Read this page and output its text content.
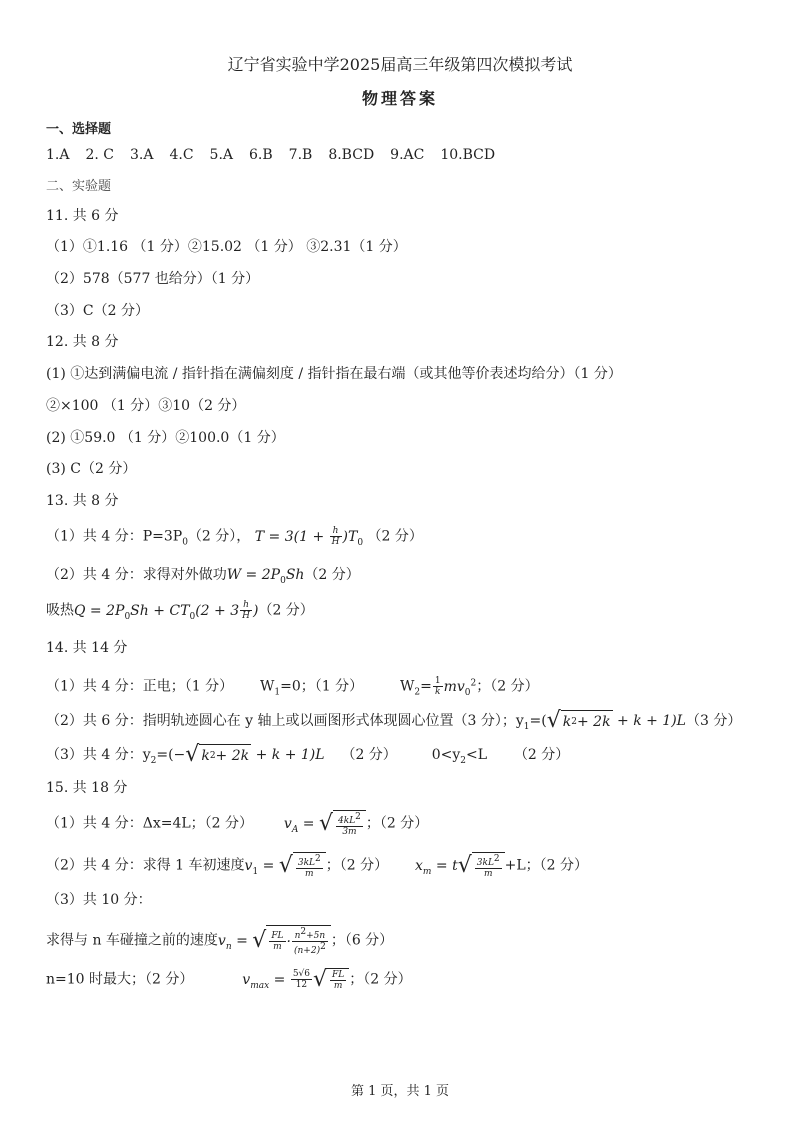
辽宁省实验中学2025届高三年级第四次模拟考试
物理答案
一、选择题
1.A 2. C 3.A 4.C 5.A 6.B 7.B 8.BCD 9.AC 10.BCD
二、实验题
11. 共 6 分
（1）①1.16 （1 分）②15.02 （1 分） ③2.31（1 分）
（2）578（577 也给分）（1 分）
（3）C（2 分）
12. 共 8 分
(1) ①达到满偏电流 / 指针指在满偏刻度 / 指针指在最右端（或其他等价表述均给分）（1 分）
②×100 （1 分）③10（2 分）
(2) ①59.0 （1 分）②100.0（1 分）
(3) C（2 分）
13. 共 8 分
（1）共 4 分：$P=3P_0(2$ 分）， $T = 3(1 + \frac{h}{H} )T_0$ （2 分）
（2）共 4 分：求得对外做功$W = 2P_0Sh(2$ 分）
吸热$Q = 2P_0Sh + CT_0(2 + 3 \frac{h}{H} )(2$ 分）
14. 共 14 分
（1）共 4 分：正电；（1 分） $W_1=0$；（1 分）	$W_2= \frac{1}{k} mv_0^2$；（2 分）
（2）共 6 分：指明轨迹圆心在 y 轴上或以画图形式体现圆心位置（3 分）；$y_1=$( √ k 2 + 2k + k + 1)L（3 分）
（3）共 4 分：$y_2=(-$ √ k 2 + 2k + k + 1)L （2 分） $0<y_2<L$ （2 分）
15. 共 18 分
（1）共 4 分：Δx=4L；（2 分） $v_A$ = √ $\frac{4kL^2}{3m}$ ；（2 分）
（2）共 4 分：求得 1 车初速度$v_1$ = √ $\frac{3kL^2}{m}$ ；（2 分） $x_m = t$ √ $\frac{3kL^2}{m} +L$；（2 分）
（3）共 10 分：
求得与 n 车碰撞之前的速度$v_n$ = √ $\frac{FL}{m} \cdot \frac{n^2+5n}{(n+2)^2}$ ；（6 分）
n=10 时最大；（2 分）	$v_{max} = \frac{5√6}{12}$ √ $\frac{FL}{m}$ ；（2 分）
第 1 页，共 1 页
